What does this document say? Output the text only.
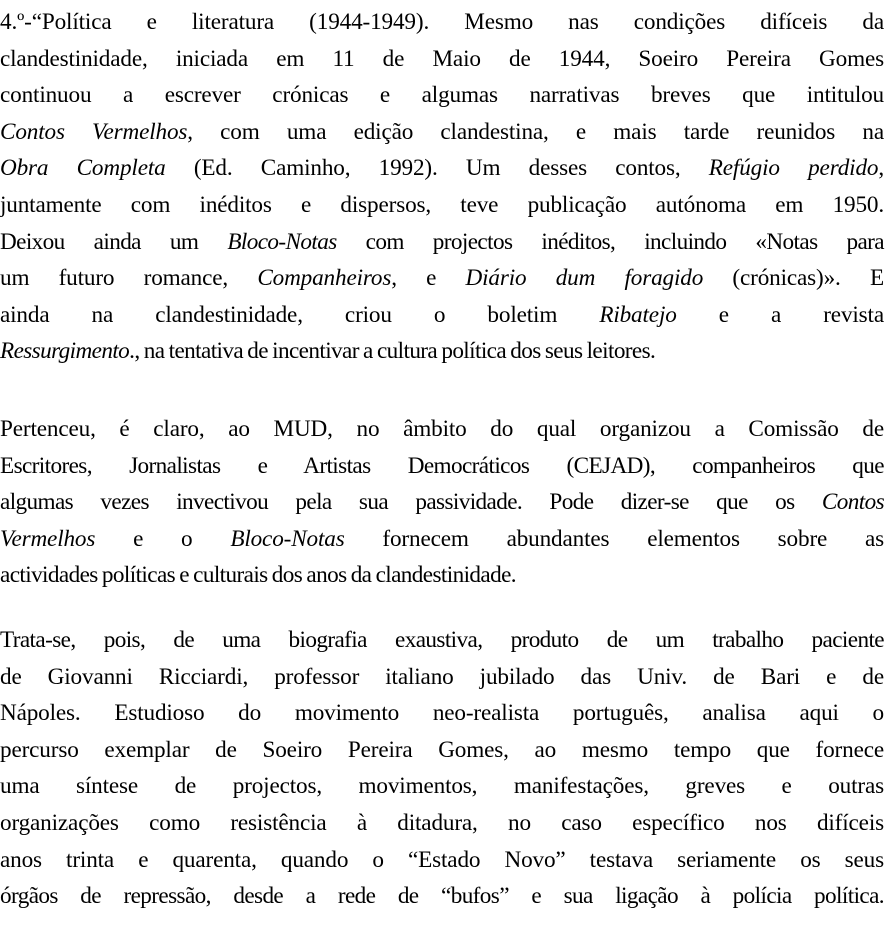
4.º-“Política e literatura (1944-1949). Mesmo nas condições difíceis da
clandestinidade, iniciada em 11 de Maio de 1944, Soeiro Pereira Gomes
continuou a escrever crónicas e algumas narrativas breves que intitulou
Contos Vermelhos, com uma edição clandestina, e mais tarde reunidos na
Obra Completa (Ed. Caminho, 1992). Um desses contos, Refúgio perdido,
juntamente com inéditos e dispersos, teve publicação autónoma em 1950.
Deixou ainda um Bloco-Notas com projectos inéditos, incluindo «Notas para
um futuro romance, Companheiros, e Diário dum foragido (crónicas)». E
ainda na clandestinidade, criou o boletim Ribatejo e a revista
Ressurgimento., na tentativa de incentivar a cultura política dos seus leitores.
Pertenceu, é claro, ao MUD, no âmbito do qual organizou a Comissão de
Escritores, Jornalistas e Artistas Democráticos (CEJAD), companheiros que
algumas vezes invectivou pela sua passividade. Pode dizer-se que os Contos
Vermelhos e o Bloco-Notas fornecem abundantes elementos sobre as
actividades políticas e culturais dos anos da clandestinidade.
Trata-se, pois, de uma biografia exaustiva, produto de um trabalho paciente
de Giovanni Ricciardi, professor italiano jubilado das Univ. de Bari e de
Nápoles. Estudioso do movimento neo-realista português, analisa aqui o
percurso exemplar de Soeiro Pereira Gomes, ao mesmo tempo que fornece
uma síntese de projectos, movimentos, manifestações, greves e outras
organizações como resistência à ditadura, no caso específico nos difíceis
anos trinta e quarenta, quando o “Estado Novo” testava seriamente os seus
órgãos de repressão, desde a rede de “bufos” e sua ligação à polícia política.
